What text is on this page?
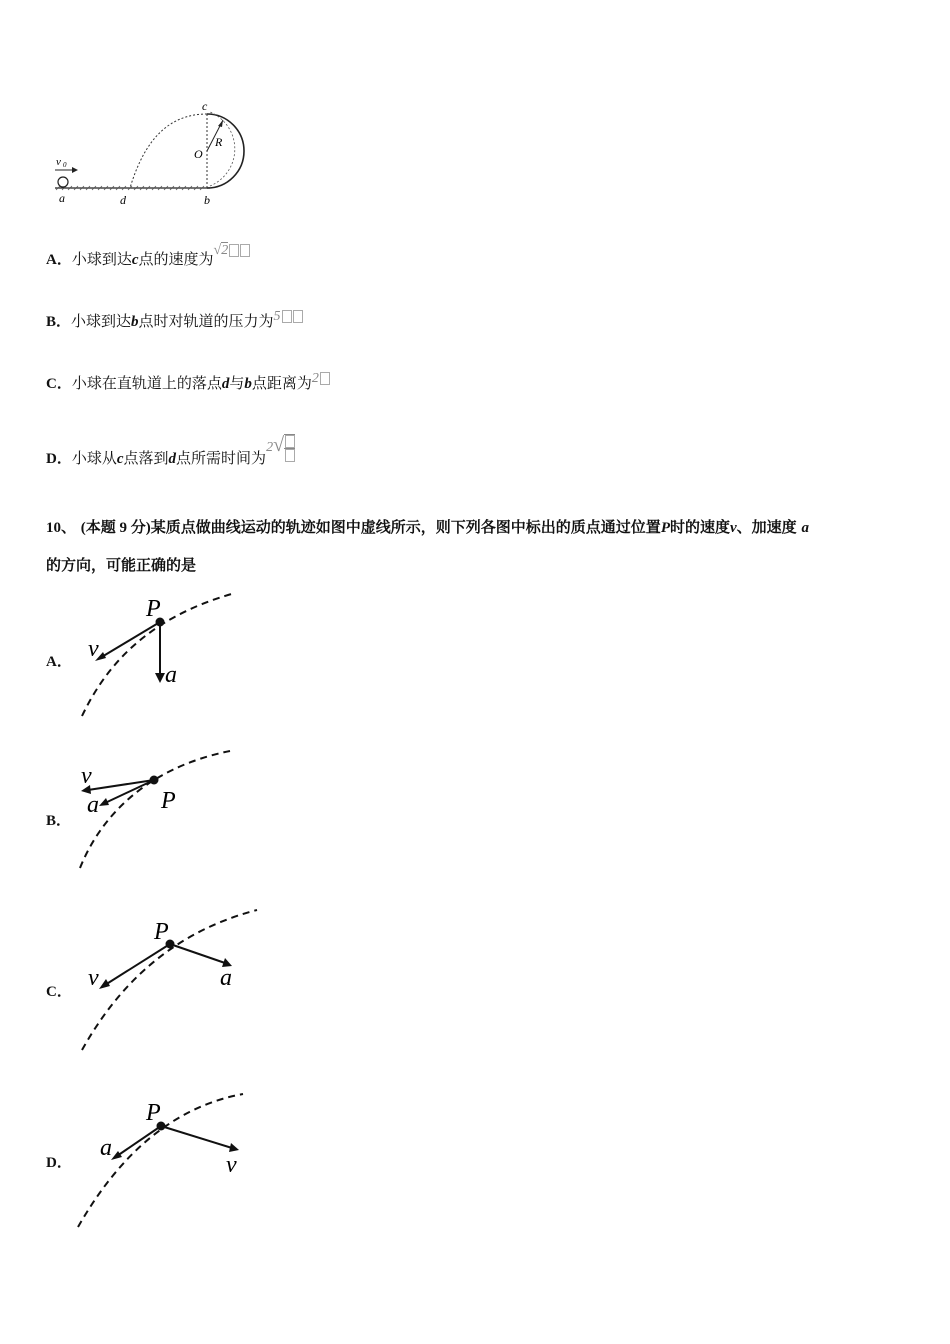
v 0
a	d	b
c
O
R
A．小球到达c点的速度为√2
B．小球到达b点时对轨道的压力为5
C．小球在直轨道上的落点d与b点距离为2
D．小球从c点落到d点所需时间为2√
10、 (本题 9 分)某质点做曲线运动的轨迹如图中虚线所示，则下列各图中标出的质点通过位置P时的速度v、加速度 a
的方向，可能正确的是
A．
P
v
a
B．
v
a	P
C．
P
v	a
D．
P
a
v
